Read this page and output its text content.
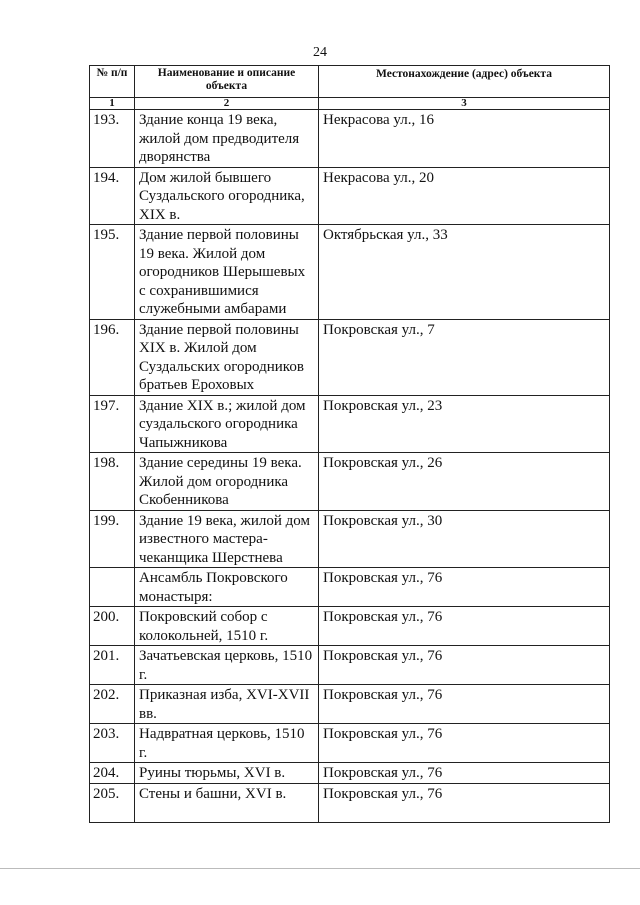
24
№ п/п	Наименование и описание объекта	Местонахождение (адрес) объекта
1	2	3
193.	Здание конца 19 века, жилой дом предводителя дворянства	Некрасова ул., 16
194.	Дом жилой бывшего Суздальского огородника, XIX в.	Некрасова ул., 20
195.	Здание первой половины 19 века. Жилой дом огородников Шерышевых с сохранившимися служебными амбарами	Октябрьская ул., 33
196.	Здание первой половины XIX в. Жилой дом Суздальских огородников братьев Ероховых	Покровская ул., 7
197.	Здание XIX в.; жилой дом суздальского огородника Чапыжникова	Покровская ул., 23
198.	Здание середины 19 века. Жилой дом огородника Скобенникова	Покровская ул., 26
199.	Здание 19 века, жилой дом известного мастера-чеканщика Шерстнева	Покровская ул., 30
	Ансамбль Покровского монастыря:	Покровская ул., 76
200.	Покровский собор с колокольней, 1510 г.	Покровская ул., 76
201.	Зачатьевская церковь, 1510 г.	Покровская ул., 76
202.	Приказная изба, XVI-XVII вв.	Покровская ул., 76
203.	Надвратная церковь, 1510 г.	Покровская ул., 76
204.	Руины тюрьмы, XVI в.	Покровская ул., 76
205.	Стены и башни, XVI в.	Покровская ул., 76
